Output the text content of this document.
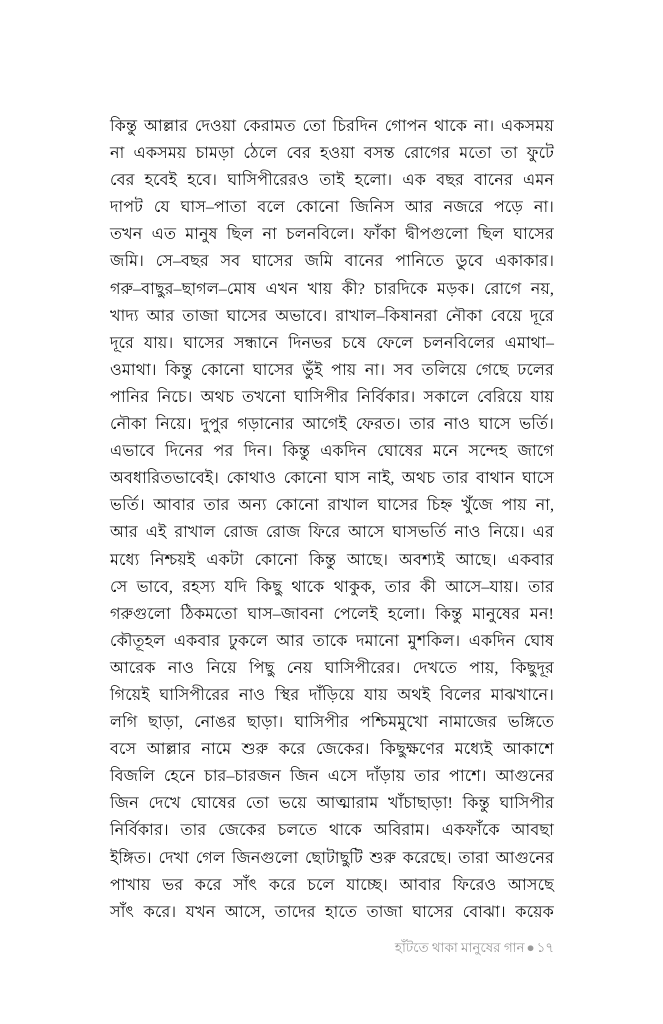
কিন্তু আল্লার দেওয়া কেরামত তো চিরদিন গোপন থাকে না। একসময়
না একসময় চামড়া ঠেলে বের হওয়া বসন্ত রোগের মতো তা ফুটে
বের হবেই হবে। ঘাসিপীরেরও তাই হলো। এক বছর বানের এমন
দাপট যে ঘাস–পাতা বলে কোনো জিনিস আর নজরে পড়ে না।
তখন এত মানুষ ছিল না চলনবিলে। ফাঁকা দ্বীপগুলো ছিল ঘাসের
জমি। সে–বছর সব ঘাসের জমি বানের পানিতে ডুবে একাকার।
গরু–বাছুর–ছাগল–মোষ এখন খায় কী? চারদিকে মড়ক। রোগে নয়,
খাদ্য আর তাজা ঘাসের অভাবে। রাখাল–কিষানরা নৌকা বেয়ে দূরে
দূরে যায়। ঘাসের সন্ধানে দিনভর চষে ফেলে চলনবিলের এমাথা–
ওমাথা। কিন্তু কোনো ঘাসের ভুঁই পায় না। সব তলিয়ে গেছে ঢলের
পানির নিচে। অথচ তখনো ঘাসিপীর নির্বিকার। সকালে বেরিয়ে যায়
নৌকা নিয়ে। দুপুর গড়ানোর আগেই ফেরত। তার নাও ঘাসে ভর্তি।
এভাবে দিনের পর দিন। কিন্তু একদিন ঘোষের মনে সন্দেহ জাগে
অবধারিতভাবেই। কোথাও কোনো ঘাস নাই, অথচ তার বাথান ঘাসে
ভর্তি। আবার তার অন্য কোনো রাখাল ঘাসের চিহ্ন খুঁজে পায় না,
আর এই রাখাল রোজ রোজ ফিরে আসে ঘাসভর্তি নাও নিয়ে। এর
মধ্যে নিশ্চয়ই একটা কোনো কিন্তু আছে। অবশ্যই আছে। একবার
সে ভাবে, রহস্য যদি কিছু থাকে থাকুক, তার কী আসে–যায়। তার
গরুগুলো ঠিকমতো ঘাস–জাবনা পেলেই হলো। কিন্তু মানুষের মন!
কৌতূহল একবার ঢুকলে আর তাকে দমানো মুশকিল। একদিন ঘোষ
আরেক নাও নিয়ে পিছু নেয় ঘাসিপীরের। দেখতে পায়, কিছুদূর
গিয়েই ঘাসিপীরের নাও স্থির দাঁড়িয়ে যায় অথই বিলের মাঝখানে।
লগি ছাড়া, নোঙর ছাড়া। ঘাসিপীর পশ্চিমমুখো নামাজের ভঙ্গিতে
বসে আল্লার নামে শুরু করে জেকের। কিছুক্ষণের মধ্যেই আকাশে
বিজলি হেনে চার–চারজন জিন এসে দাঁড়ায় তার পাশে। আগুনের
জিন দেখে ঘোষের তো ভয়ে আত্মারাম খাঁচাছাড়া! কিন্তু ঘাসিপীর
নির্বিকার। তার জেকের চলতে থাকে অবিরাম। একফাঁকে আবছা
ইঙ্গিত। দেখা গেল জিনগুলো ছোটাছুটি শুরু করেছে। তারা আগুনের
পাখায় ভর করে সাঁৎ করে চলে যাচ্ছে। আবার ফিরেও আসছে
সাঁৎ করে। যখন আসে, তাদের হাতে তাজা ঘাসের বোঝা। কয়েক
হাঁটতে থাকা মানুষের গান ● ১৭
